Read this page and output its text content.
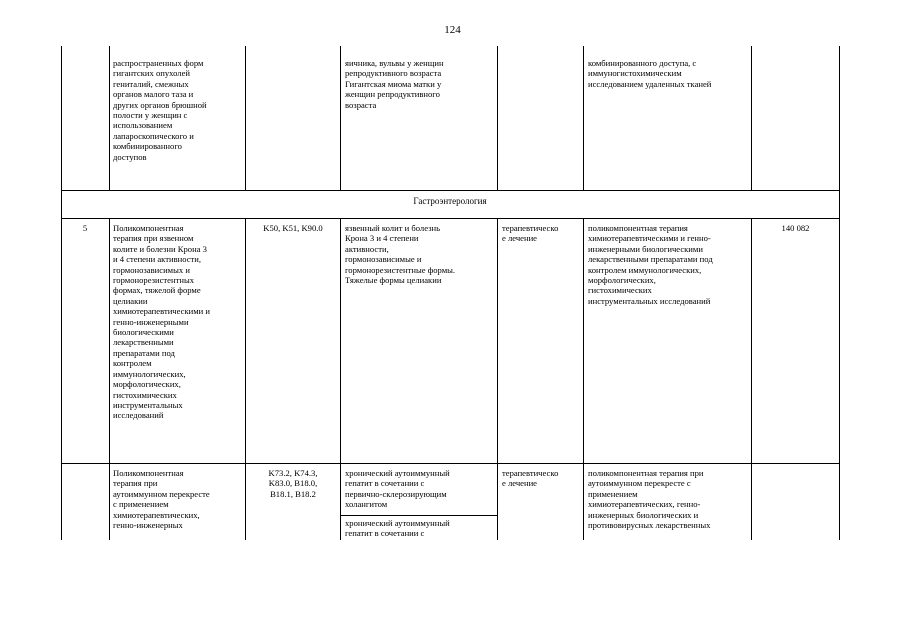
124
распространенных форм
гигантских опухолей
гениталий, смежных
органов малого таза и
других органов брюшной
полости у женщин с
использованием
лапароскопического и
комбинированного
доступов
яичника, вульвы у женщин
репродуктивного возраста
Гигантская миома матки у
женщин репродуктивного
возраста
комбинированного доступа, с
иммуногистохимическим
исследованием удаленных тканей
Гастроэнтерология
5	Поликомпонентная
терапия при язвенном
колите и болезни Крона 3
и 4 степени активности,
гормонозависимых и
гормонорезистентных
формах, тяжелой форме
целиакии
химиотерапевтическими и
генно-инженерными
биологическими
лекарственными
препаратами под
контролем
иммунологических,
морфологических,
гистохимических
инструментальных
исследований
K50, K51, K90.0	язвенный колит и болезнь
Крона 3 и 4 степени
активности,
гормонозависимые и
гормонорезистентные формы.
Тяжелые формы целиакии
терапевтическо
е лечение
поликомпонентная терапия
химиотерапевтическими и генно-
инженерными биологическими
лекарственными препаратами под
контролем иммунологических,
морфологических,
гистохимических
инструментальных исследований
140 082
Поликомпонентная
терапия при
аутоиммунном перекресте
с применением
химиотерапевтических,
генно-инженерных
K73.2, K74.3,
K83.0, B18.0,
B18.1, B18.2
хронический аутоиммунный
гепатит в сочетании с
первично-склерозирующим
холангитом
хронический аутоиммунный
гепатит в сочетании с
терапевтическо
е лечение
поликомпонентная терапия при
аутоиммунном перекресте с
применением
химиотерапевтических, генно-
инженерных биологических и
противовирусных лекарственных
